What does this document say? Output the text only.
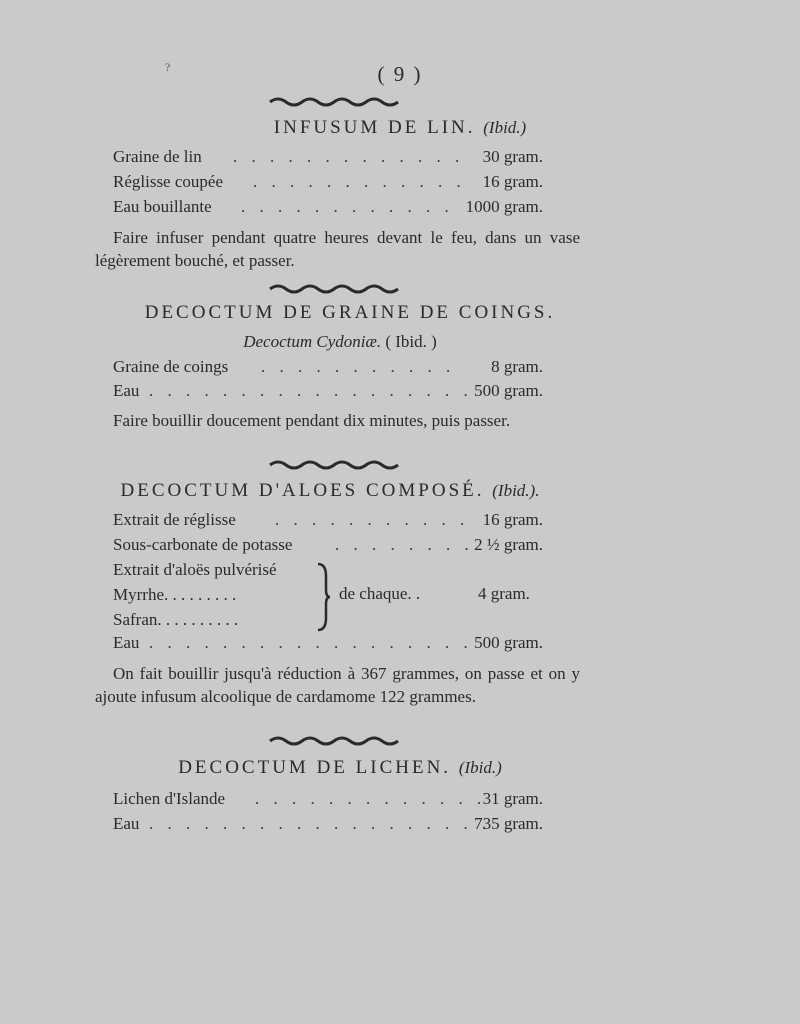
?	( 9 )
INFUSUM DE LIN. (Ibid.)
Graine de lin . . . . . . . . . . . . .	30 gram.
Réglisse coupée . . . . . . . . . . . . 16 gram.
Eau bouillante . . . . . . . . . . . . 1000 gram.
Faire infuser pendant quatre heures devant le feu, dans un vase légèrement bouché, et passer.
DECOCTUM DE GRAINE DE COINGS.
Decoctum Cydoniæ. ( Ibid. )
Graine de coings . . . . . . . . . . .	8 gram.
Eau . . . . . . . . . . . . . . . . . . 500 gram.
Faire bouillir doucement pendant dix minutes, puis passer.
DECOCTUM D'ALOES COMPOSÉ. (Ibid.).
Extrait de réglisse . . . . . . . . . . . 16 gram.
Sous-carbonate de potasse	. . . . . . . . 2 ½ gram.
Extrait d'aloës pulvérisé
Myrrhe. . . . . . . . .
Safran. . . . . . . . . .
de chaque. .	4 gram.
Eau . . . . . . . . . . . . . . . . . . 500 gram.
On fait bouillir jusqu'à réduction à 367 grammes, on passe et on y ajoute infusum alcoolique de cardamome 122 grammes.
DECOCTUM DE LICHEN. (Ibid.)
Lichen d'Islande . . . . . . . . . . . . .
31 gram.
Eau . . . . . . . . . . . . . . . . . . .
735 gram.
